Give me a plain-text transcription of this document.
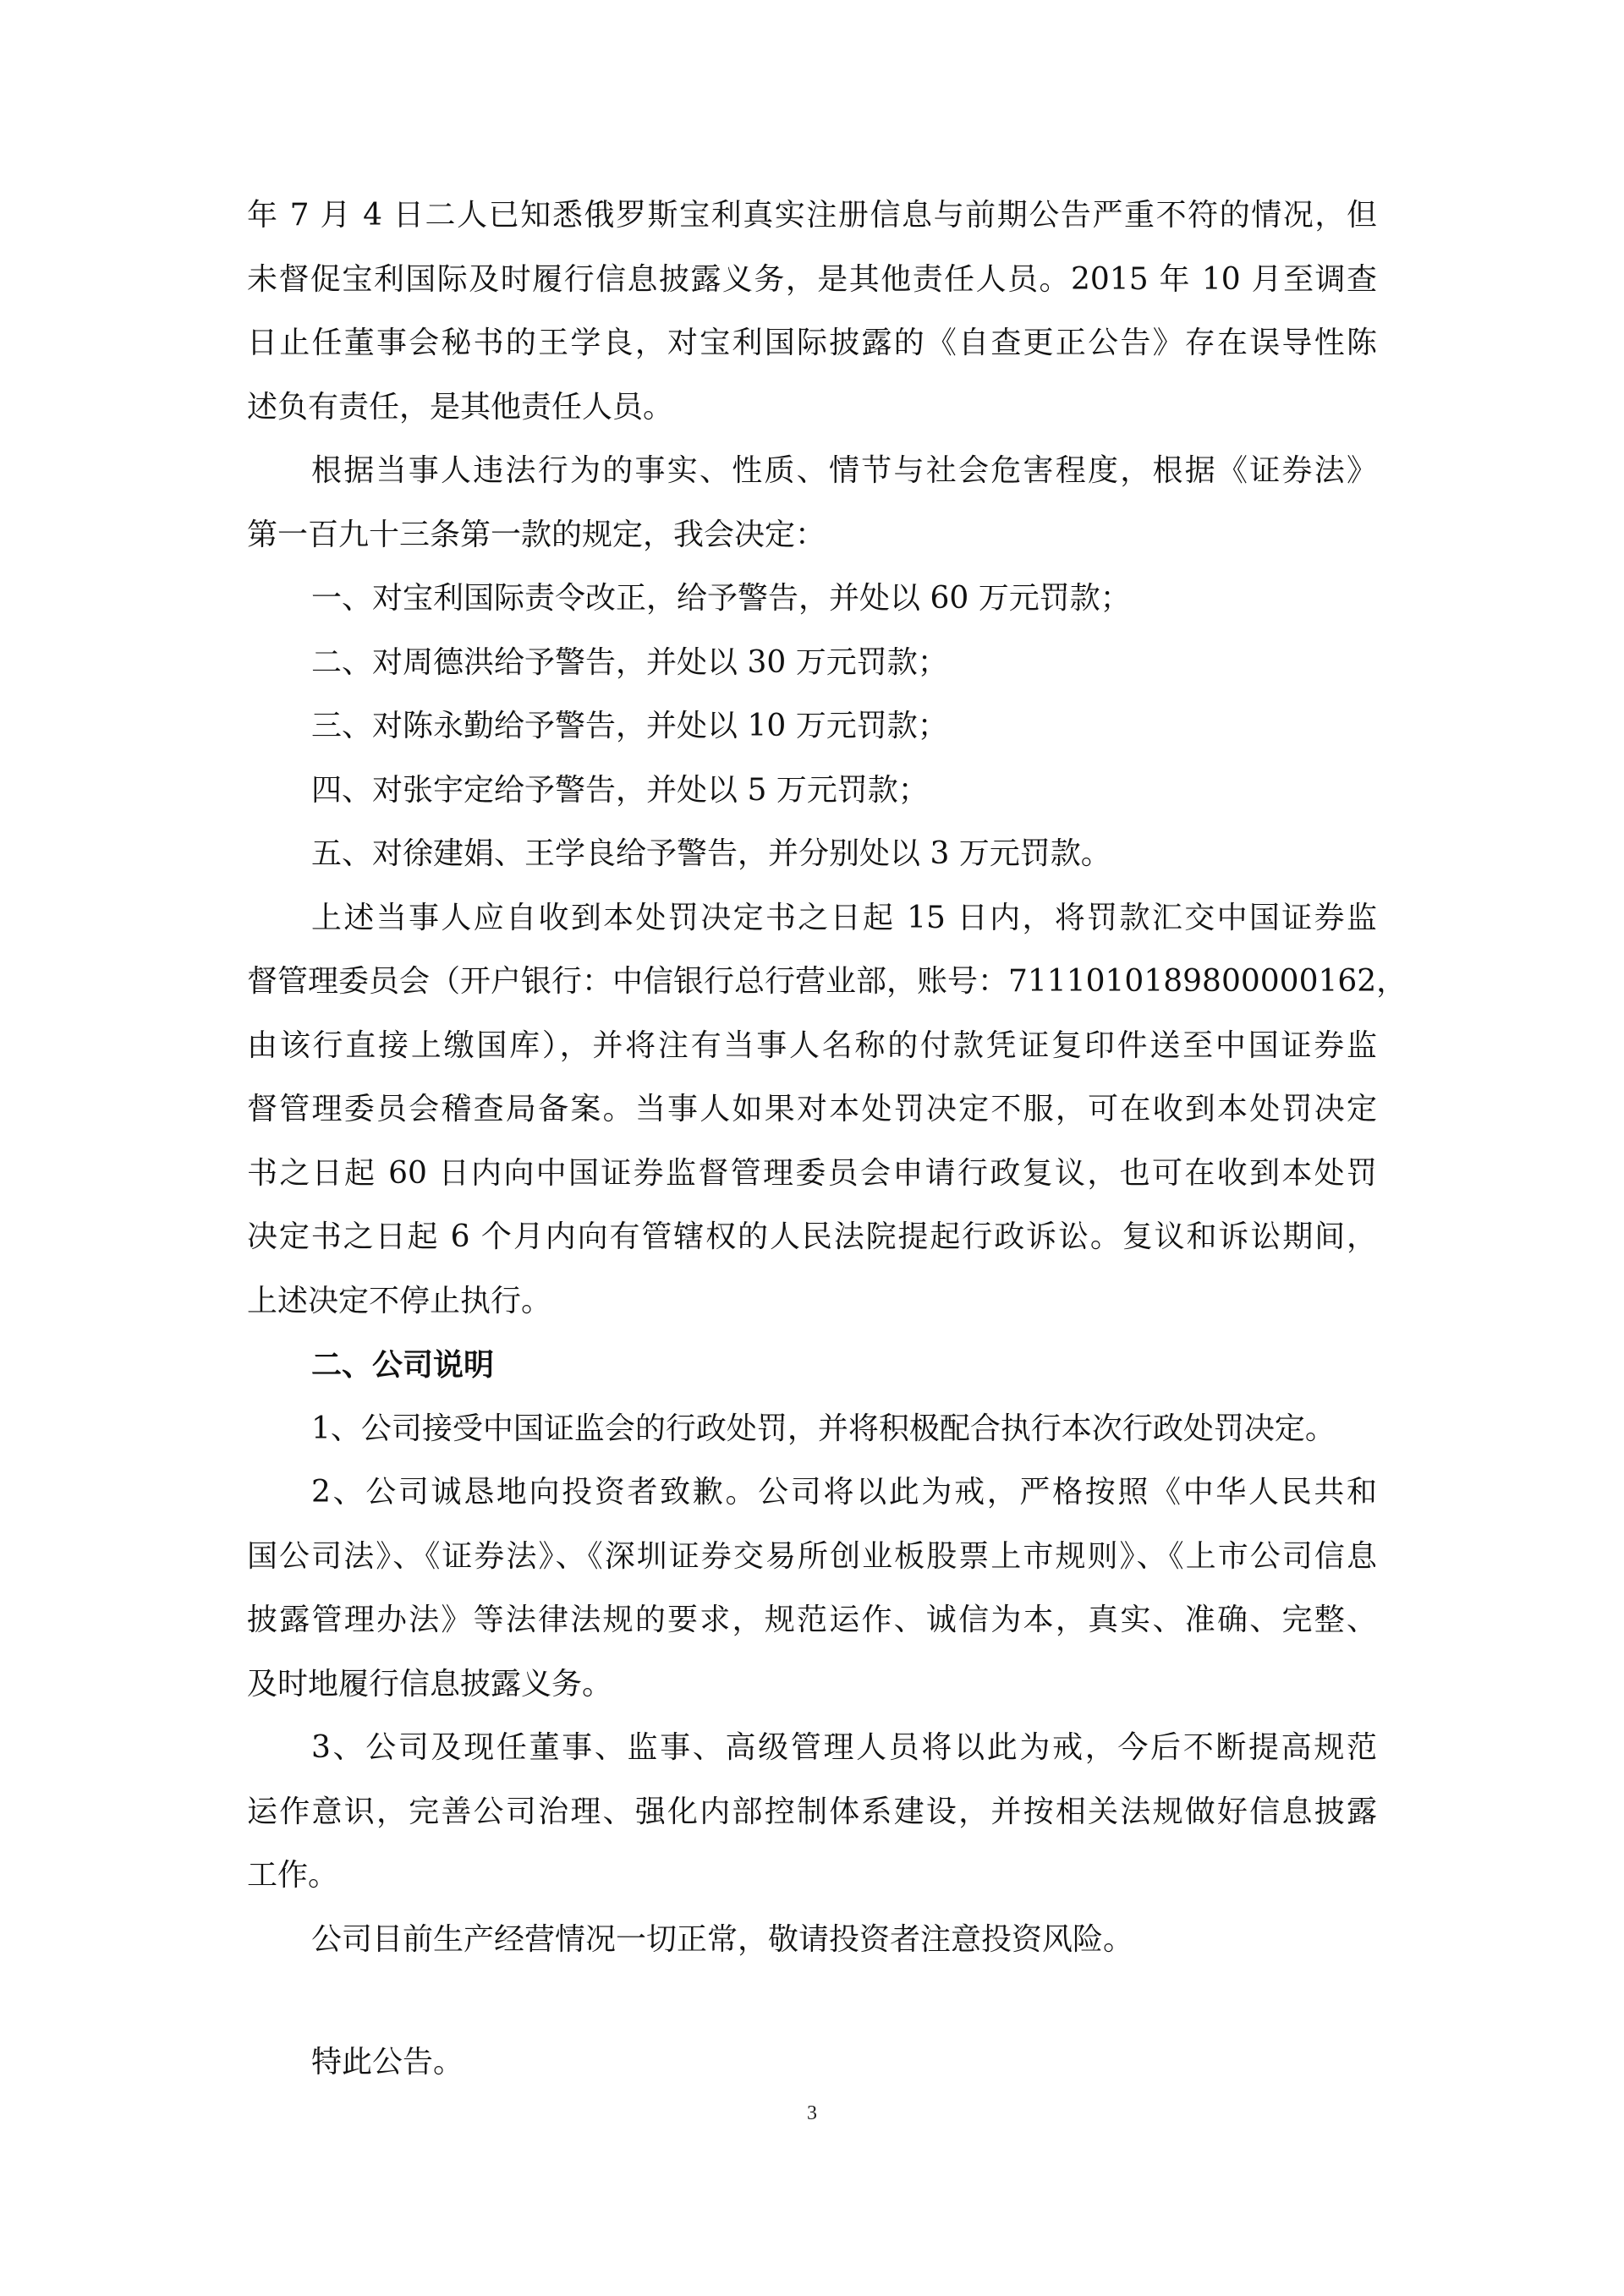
年 7 月 4 日二人已知悉俄罗斯宝利真实注册信息与前期公告严重不符的情况，但
未督促宝利国际及时履行信息披露义务，是其他责任人员。2015 年 10 月至调查
日止任董事会秘书的王学良，对宝利国际披露的《自查更正公告》存在误导性陈
述负有责任，是其他责任人员。
根据当事人违法行为的事实、性质、情节与社会危害程度，根据《证券法》
第一百九十三条第一款的规定，我会决定：
一、对宝利国际责令改正，给予警告，并处以 60 万元罚款；
二、对周德洪给予警告，并处以 30 万元罚款；
三、对陈永勤给予警告，并处以 10 万元罚款；
四、对张宇定给予警告，并处以 5 万元罚款；
五、对徐建娟、王学良给予警告，并分别处以 3 万元罚款。
上述当事人应自收到本处罚决定书之日起 15 日内，将罚款汇交中国证券监
督管理委员会（开户银行：中信银行总行营业部，账号：7111010189800000162，
由该行直接上缴国库），并将注有当事人名称的付款凭证复印件送至中国证券监
督管理委员会稽查局备案。当事人如果对本处罚决定不服，可在收到本处罚决定
书之日起 60 日内向中国证券监督管理委员会申请行政复议，也可在收到本处罚
决定书之日起 6 个月内向有管辖权的人民法院提起行政诉讼。复议和诉讼期间，
上述决定不停止执行。
二、公司说明
1、公司接受中国证监会的行政处罚，并将积极配合执行本次行政处罚决定。
2、公司诚恳地向投资者致歉。公司将以此为戒，严格按照《中华人民共和
国公司法》、《证券法》、《深圳证券交易所创业板股票上市规则》、《上市公司信息
披露管理办法》等法律法规的要求，规范运作、诚信为本，真实、准确、完整、
及时地履行信息披露义务。
3、公司及现任董事、监事、高级管理人员将以此为戒，今后不断提高规范
运作意识，完善公司治理、强化内部控制体系建设，并按相关法规做好信息披露
工作。
公司目前生产经营情况一切正常，敬请投资者注意投资风险。
特此公告。
3
